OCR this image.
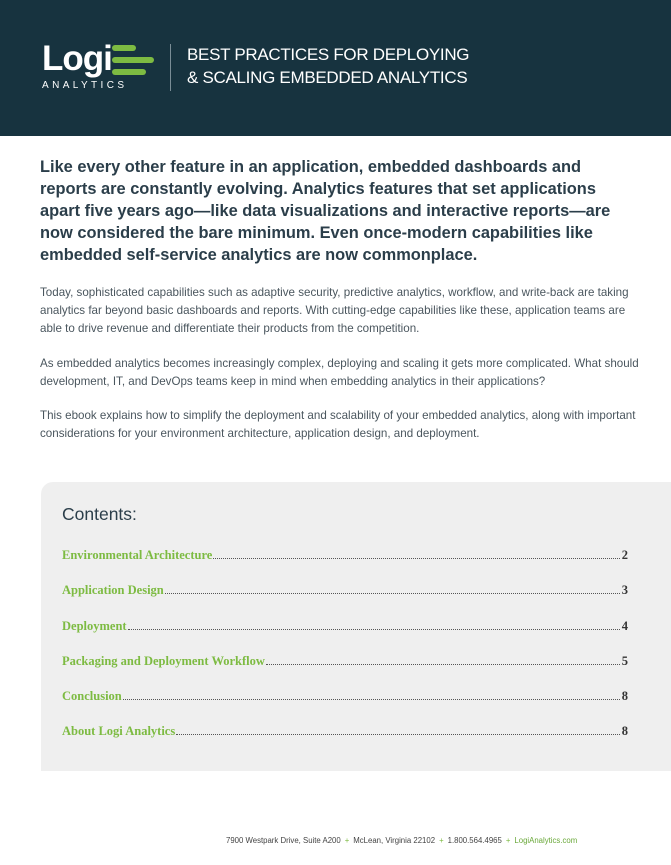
Logi
ANALYTICS
BEST PRACTICES FOR DEPLOYING
& SCALING EMBEDDED ANALYTICS
Like every other feature in an application, embedded dashboards and reports are constantly evolving. Analytics features that set applications apart five years ago—like data visualizations and interactive reports—are now considered the bare minimum. Even once-modern capabilities like embedded self-service analytics are now commonplace.
Today, sophisticated capabilities such as adaptive security, predictive analytics, workflow, and write-back are taking analytics far beyond basic dashboards and reports. With cutting-edge capabilities like these, application teams are able to drive revenue and differentiate their products from the competition.
As embedded analytics becomes increasingly complex, deploying and scaling it gets more complicated. What should development, IT, and DevOps teams keep in mind when embedding analytics in their applications?
This ebook explains how to simplify the deployment and scalability of your embedded analytics, along with important considerations for your environment architecture, application design, and deployment.
Contents:
Environmental Architecture	2
Application Design	3
Deployment	4
Packaging and Deployment Workflow	5
Conclusion	8
About Logi Analytics	8
7900 Westpark Drive, Suite A200 + McLean, Virginia 22102 + 1.800.564.4965 + LogiAnalytics.com
